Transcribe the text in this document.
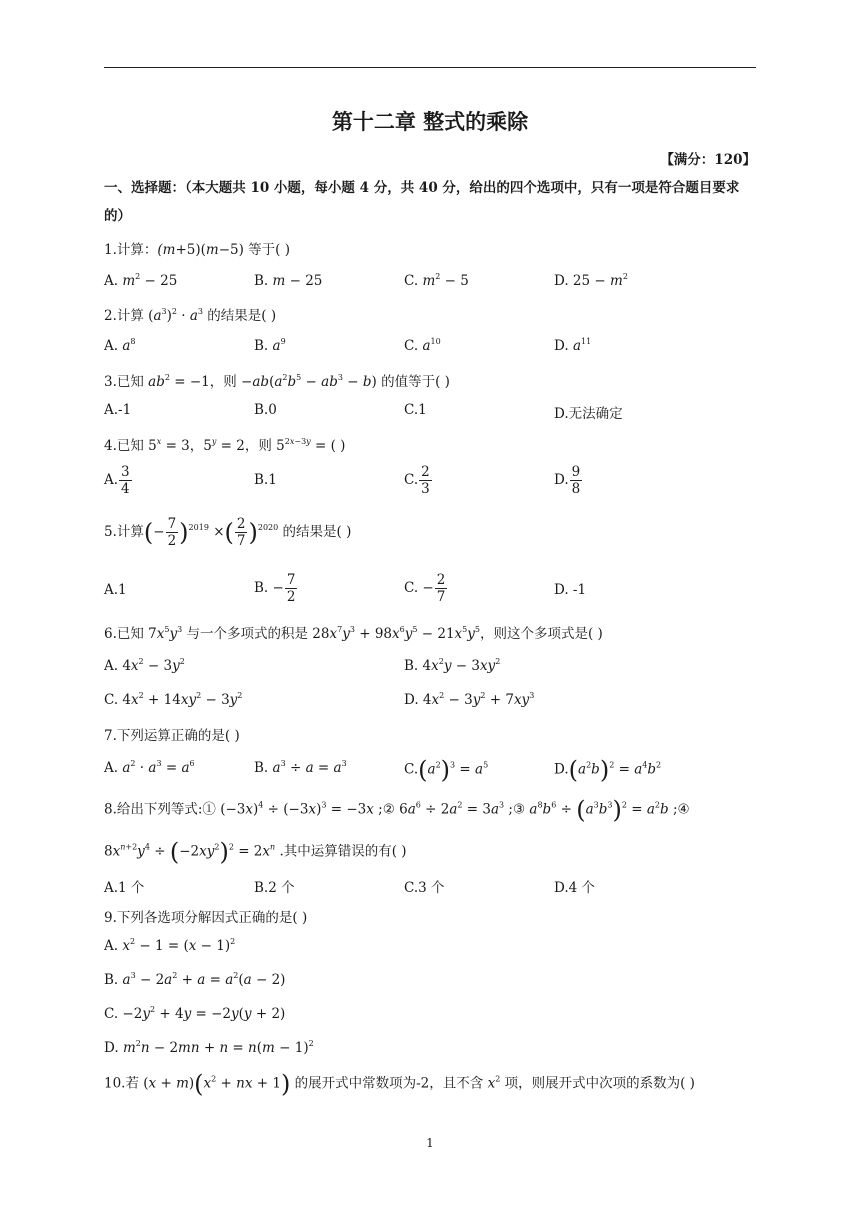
第十二章 整式的乘除
【满分：120】
一、选择题：（本大题共 10 小题，每小题 4 分，共 40 分，给出的四个选项中，只有一项是符合题目要求的）
1.计算：(m+5)(m−5) 等于( )
A. $m^2 - 25$	B. m − 25	C. $m^2 - 5$	D. $25 - m^2$
2.计算 $(a^3)^2 \cdot a^3$ 的结果是( )
A. $a^8$	B. $a^9$	C. $a^{10}$	D. $a^{11}$
3.已知 $ab^2 = -1$，则 $-ab(a^2b^5 - ab^3 - b)$ 的值等于( )
A.-1	B.0	C.1	D.无法确定
4.已知 $5^x = 3$，$5^y = 2$，则 $5^{2x-3y}$ = ( )
A. $\frac{3}{4}$	B.1	C. $\frac{2}{3}$	D. $\frac{9}{8}$
5.计算(− $\frac{7}{2} )^{2019}$ ×( $\frac{2}{7} )^{2020}$ 的结果是( )
A.1	B. − $\frac{7}{2}$	C. − $\frac{2}{7}$	D. -1
6.已知 $7x^5y^3$ 与一个多项式的积是 $28x^7y^3 + 98x^6y^5 - 21x^5y^5$，则这个多项式是( )
A. $4x^2 - 3y^2$	B. $4x^2y - 3xy^2$
C. $4x^2 + 14xy^2 - 3y^2$	D. $4x^2 - 3y^2 + 7xy^3$
7.下列运算正确的是( )
A. $a^2 \cdot a^3 = a^6$	B. $a^3 \div a = a^3$	$C.(a^2)^3 = a^5$	$D.(a^2b)^2 = a^4b^2$
8.给出下列等式:① $(-3x)^4 \div (-3x)^3 = -3x$ ;② $6a^6 \div 2a^2 = 3a^3$ ;③ $a^8b^6 \div (a^3b^3)^2 = a^2b$ ;④
$8x^{n+2}y^4 \div (-2xy^2)^2 = 2x^n$ .其中运算错误的有( )
A.1 个	B.2 个	C.3 个	D.4 个
9.下列各选项分解因式正确的是( )
A. $x^2 - 1 = (x - 1)^2$
B. $a^3 - 2a^2 + a = a^2(a - 2)$
C. $-2y^2 + 4y = -2y(y + 2)$
D. $m^2n - 2mn + n = n(m - 1)^2$
10.若 $(x + m)(x^2$ + nx + 1) 的展开式中常数项为-2，且不含 $x^2$ 项，则展开式中次项的系数为( )
1
